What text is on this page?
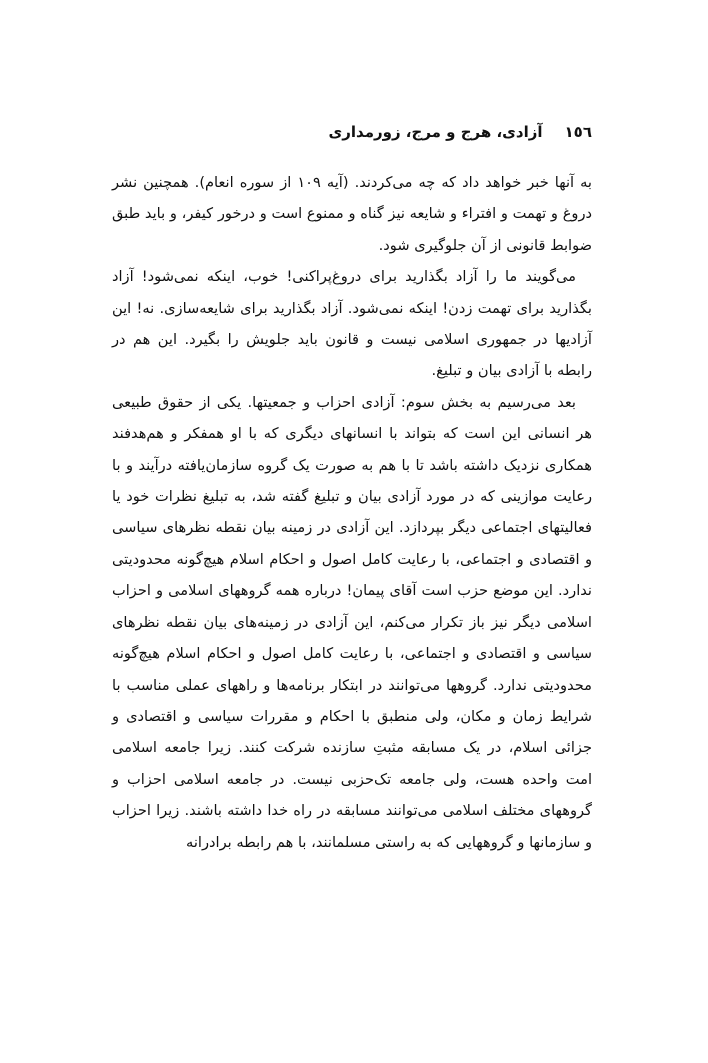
١٥٦
آزادی، هرج و مرج، زورمداری

به آنها خبر خواهد داد که چه می‌کردند. (آیه ۱۰۹ از سوره انعام). همچنین نشر دروغ و تهمت و افتراء و شایعه نیز گناه و ممنوع است و درخور کیفر، و باید طبق ضوابط قانونی از آن جلوگیری شود.

می‌گویند ما را آزاد بگذارید برای دروغ‌پراکنی! خوب، اینکه نمی‌شود! آزاد بگذارید برای تهمت زدن! اینکه نمی‌شود. آزاد بگذارید برای شایعه‌سازی. نه! این آزادیها در جمهوری اسلامی نیست و قانون باید جلویش را بگیرد. این هم در رابطه با آزادی بیان و تبلیغ.

بعد می‌رسیم به بخش سوم: آزادی احزاب و جمعیتها. یکی از حقوق طبیعی هر انسانی این است که بتواند با انسانهای دیگری که با او همفکر و هم‌هدفند همکاری نزدیک داشته باشد تا با هم به صورت یک گروه سازمان‌یافته درآیند و با رعایت موازینی که در مورد آزادی بیان و تبلیغ گفته شد، به تبلیغ نظرات خود یا فعالیتهای اجتماعی دیگر بپردازد. این آزادی در زمینه بیان نقطه نظرهای سیاسی و اقتصادی و اجتماعی، با رعایت کامل اصول و احکام اسلام هیچ‌گونه محدودیتی ندارد. این موضع حزب است آقای پیمان! درباره همه گروههای اسلامی و احزاب اسلامی دیگر نیز باز تکرار می‌کنم، این آزادی در زمینه‌های بیان نقطه نظرهای سیاسی و اقتصادی و اجتماعی، با رعایت کامل اصول و احکام اسلام هیچ‌گونه محدودیتی ندارد. گروهها می‌توانند در ابتکار برنامه‌ها و راههای عملی مناسب با شرایط زمان و مکان، ولی منطبق با احکام و مقررات سیاسی و اقتصادی و جزائی اسلام، در یک مسابقه مثبتِ سازنده شرکت کنند. زیرا جامعه اسلامی امت واحده هست، ولی جامعه تک‌حزبی نیست. در جامعه اسلامی احزاب و گروههای مختلف اسلامی می‌توانند مسابقه در راه خدا داشته باشند. زیرا احزاب و سازمانها و گروههایی که به راستی مسلمانند، با هم رابطه برادرانه
